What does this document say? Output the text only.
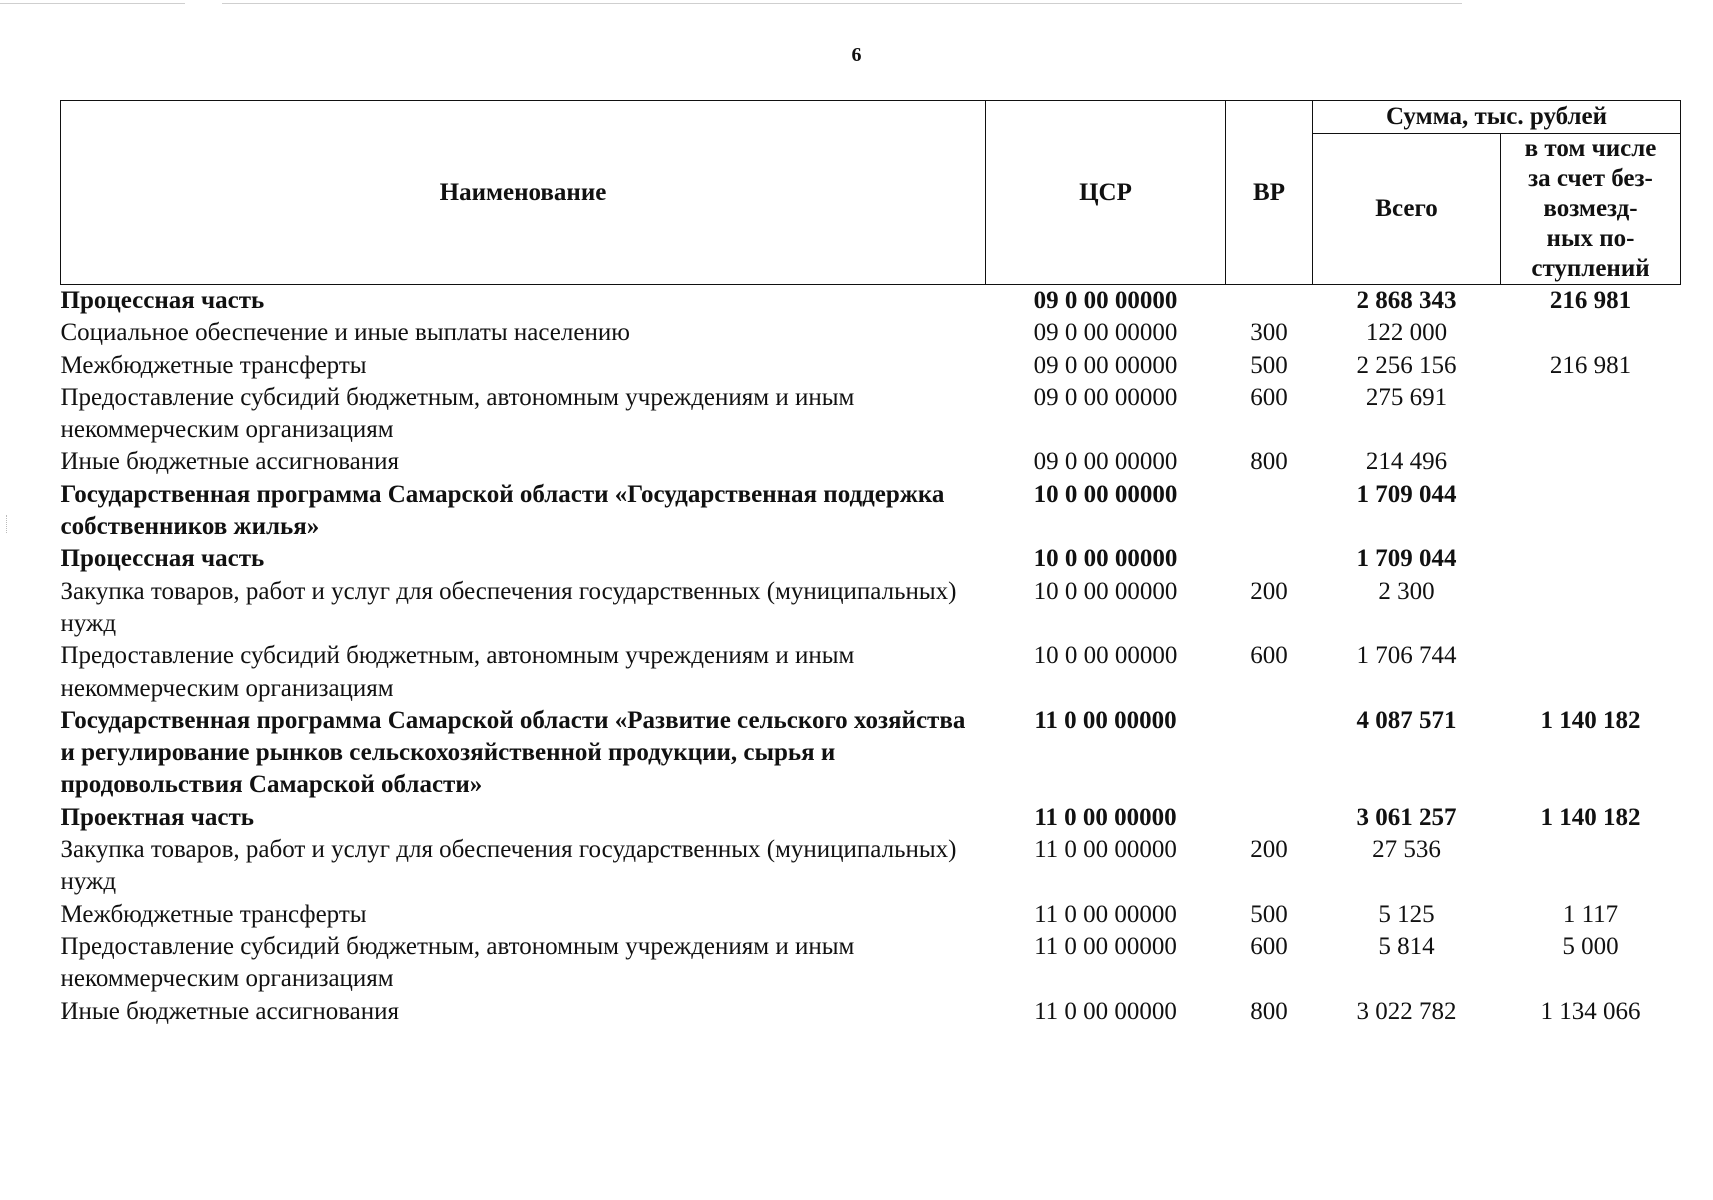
6
Наименование	ЦСР	ВР	Сумма, тыс. рублей	
			Всего	в том числе
за счет без-
возмезд-
ных по-
ступлений

Процессная часть	09 0 00 00000		2 868 343	216 981
Социальное обеспечение и иные выплаты населению	09 0 00 00000	300	122 000	
Межбюджетные трансферты	09 0 00 00000	500	2 256 156	216 981
Предоставление субсидий бюджетным, автономным учреждениям и иным некоммерческим организациям	09 0 00 00000	600	275 691	
Иные бюджетные ассигнования	09 0 00 00000	800	214 496	
Государственная программа Самарской области «Государственная поддержка собственников жилья»	10 0 00 00000		1 709 044	
Процессная часть	10 0 00 00000		1 709 044	
Закупка товаров, работ и услуг для обеспечения государственных (муниципальных) нужд	10 0 00 00000	200	2 300	
Предоставление субсидий бюджетным, автономным учреждениям и иным некоммерческим организациям	10 0 00 00000	600	1 706 744	
Государственная программа Самарской области «Развитие сельского хозяйства и регулирование рынков сельскохозяйственной продукции, сырья и продовольствия Самарской области»	11 0 00 00000		4 087 571	1 140 182
Проектная часть	11 0 00 00000		3 061 257	1 140 182
Закупка товаров, работ и услуг для обеспечения государственных (муниципальных) нужд	11 0 00 00000	200	27 536	
Межбюджетные трансферты	11 0 00 00000	500	5 125	1 117
Предоставление субсидий бюджетным, автономным учреждениям и иным некоммерческим организациям	11 0 00 00000	600	5 814	5 000
Иные бюджетные ассигнования	11 0 00 00000	800	3 022 782	1 134 066
